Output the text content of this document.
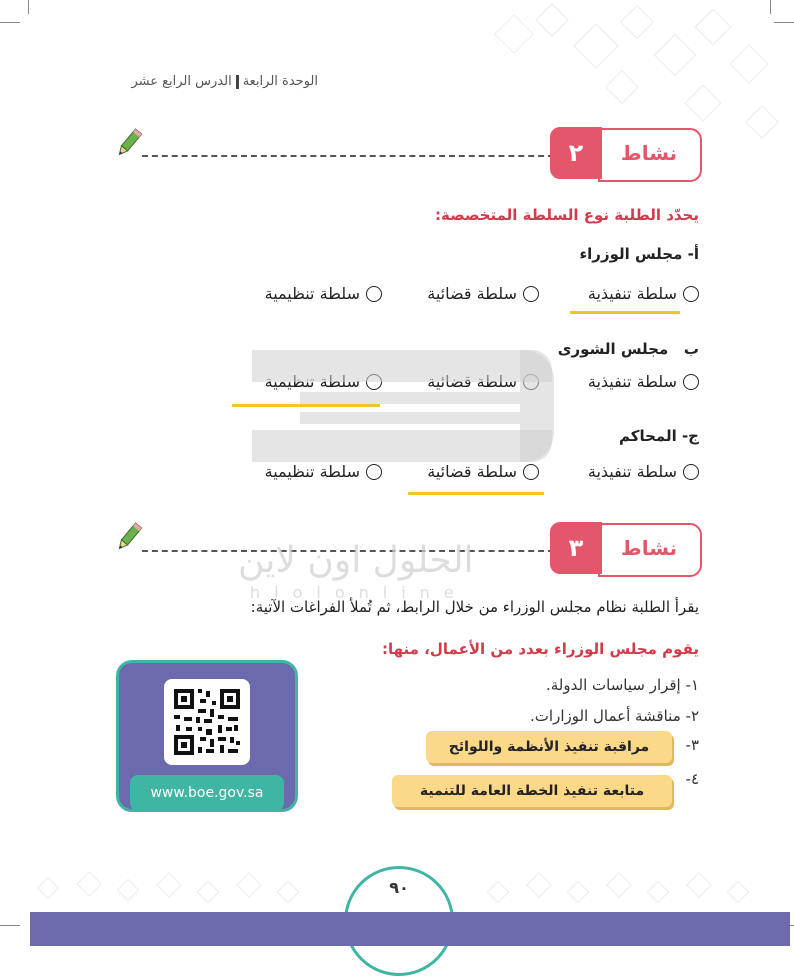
الوحدة الرابعةالدرس الرابع عشر
نشاط
٢
يحدّد الطلبة نوع السلطة المتخصصة:
أ- مجلس الوزراء
سلطة تنفيذية
سلطة قضائية
سلطة تنظيمية
ب   مجلس الشورى
سلطة تنفيذية
ج- المحاكم
سلطة تنفيذية
سلطة قضائية
سلطة تنظيمية
نشاط
٣
يقرأ الطلبة نظام مجلس الوزراء من خلال الرابط، ثم تُملأ الفراغات الآتية:
يقوم مجلس الوزراء بعدد من الأعمال، منها:
١- إقرار سياسات الدولة.
٢- مناقشة أعمال الوزارات.
٣-
مراقبة تنفيذ الأنظمة واللوائح
٤-
متابعة تنفيذ الخطة العامة للتنمية
www.boe.gov.sa
الحلول اون لاين
hlolonline
٩٠
